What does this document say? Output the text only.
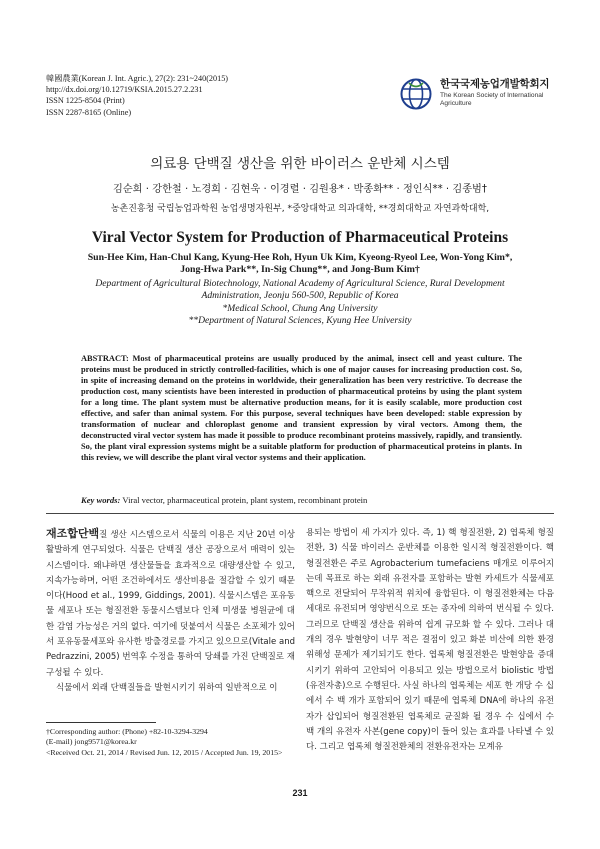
韓國農業(Korean J. Int. Agric.), 27(2): 231~240(2015)
http://dx.doi.org/10.12719/KSIA.2015.27.2.231
ISSN 1225-8504 (Print)
ISSN 2287-8165 (Online)
한국국제농업개발학회지
The Korean Society of International
Agriculture
의료용 단백질 생산을 위한 바이러스 운반체 시스템
김순희 · 강한철 · 노경희 · 김현욱 · 이경렬 · 김원용* · 박종화** · 정인식** · 김종범†
농촌진흥청 국립농업과학원 농업생명자원부, *중앙대학교 의과대학, **경희대학교 자연과학대학,
Viral Vector System for Production of Pharmaceutical Proteins
Sun-Hee Kim, Han-Chul Kang, Kyung-Hee Roh, Hyun Uk Kim, Kyeong-Ryeol Lee, Won-Yong Kim*,
Jong-Hwa Park**, In-Sig Chung**, and Jong-Bum Kim†
Department of Agricultural Biotechnology, National Academy of Agricultural Science, Rural Development
Administration, Jeonju 560-500, Republic of Korea
*Medical School, Chung Ang University
**Department of Natural Sciences, Kyung Hee University
ABSTRACT: Most of pharmaceutical proteins are usually produced by the animal, insect cell and yeast culture. The proteins must be produced in strictly controlled-facilities, which is one of major causes for increasing production cost. So, in spite of increasing demand on the proteins in worldwide, their generalization has been very restrictive. To decrease the production cost, many scientists have been interested in production of pharmaceutical proteins by using the plant system for a long time. The plant system must be alternative production means, for it is easily scalable, more production cost effective, and safer than animal system. For this purpose, several techniques have been developed: stable expression by transformation of nuclear and chloroplast genome and transient expression by viral vectors. Among them, the deconstructed viral vector system has made it possible to produce recombinant proteins massively, rapidly, and transiently. So, the plant viral expression systems might be a suitable platform for production of pharmaceutical proteins in plants. In this review, we will describe the plant viral vector systems and their application.
Key words: Viral vector, pharmaceutical protein, plant system, recombinant protein

재조합단백질 생산 시스템으로서 식물의 이용은 지난 20년 이상 활발하게 연구되었다. 식물은 단백질 생산 공장으로서 매력이 있는 시스템이다. 왜냐하면 생산물들을 효과적으로 대량생산할 수 있고, 지속가능하며, 어떤 조건하에서도 생산비용을 절감할 수 있기 때문이다(Hood et al., 1999, Giddings, 2001). 식물시스템은 포유동물 세포나 또는 형질전환 동물시스템보다 인체 미생물 병원균에 대한 감염 가능성은 거의 없다. 여기에 덧붙여서 식물은 소포체가 있어서 포유동물세포와 유사한 방출경로를 가지고 있으므로(Vitale and Pedrazzini, 2005) 번역후 수정을 통하여 당쇄를 가진 단백질로 재구성될 수 있다.

식물에서 외래 단백질들을 발현시키기 위하여 일반적으로 이

용되는 방법이 세 가지가 있다. 즉, 1) 핵 형질전환, 2) 엽록체 형질전환, 3) 식물 바이러스 운반체를 이용한 일시적 형질전환이다. 핵 형질전환은 주로 Agrobacterium tumefaciens 매개로 이루어지는데 목표로 하는 외래 유전자를 포함하는 발현 카세트가 식물세포 핵으로 전달되어 무작위적 위치에 융합된다. 이 형질전환체는 다음 세대로 유전되며 영양번식으로 또는 종자에 의하여 번식될 수 있다. 그러므로 단백질 생산을 위하여 쉽게 규모화 할 수 있다. 그러나 대개의 경우 발현양이 너무 적은 결점이 있고 화분 비산에 의한 환경위해성 문제가 제기되기도 한다. 엽록체 형질전환은 발현양을 증대시키기 위하여 고안되어 이용되고 있는 방법으로서 biolistic 방법(유전자총)으로 수행된다. 사실 하나의 엽록체는 세포 한 개당 수 십에서 수 백 개가 포함되어 있기 때문에 엽록체 DNA에 하나의 유전자가 삽입되어 형질전환된 엽록체로 균질화 될 경우 수 십에서 수 백 개의 유전자 사본(gene copy)이 들어 있는 효과를 나타낼 수 있다. 그리고 엽록체 형질전환체의 전환유전자는 모계유
†Corresponding author: (Phone) +82-10-3294-3294
(E-mail) jong9571@korea.kr
<Received Oct. 21, 2014 / Revised Jun. 12, 2015 / Accepted Jun. 19, 2015>
231
